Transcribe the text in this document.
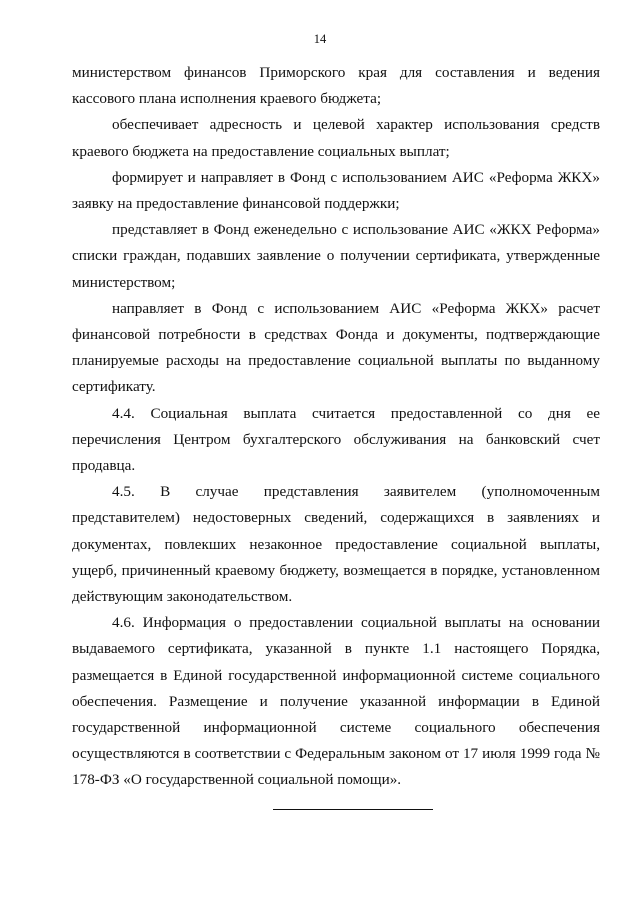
14

министерством финансов Приморского края для составления и ведения кассового плана исполнения краевого бюджета;

обеспечивает адресность и целевой характер использования средств краевого бюджета на предоставление социальных выплат;

формирует и направляет в Фонд с использованием АИС «Реформа ЖКХ» заявку на предоставление финансовой поддержки;

представляет в Фонд еженедельно с использование АИС «ЖКХ Реформа» списки граждан, подавших заявление о получении сертификата, утвержденные министерством;

направляет в Фонд с использованием АИС «Реформа ЖКХ» расчет финансовой потребности в средствах Фонда и документы, подтверждающие планируемые расходы на предоставление социальной выплаты по выданному сертификату.

4.4. Социальная выплата считается предоставленной со дня ее перечисления Центром бухгалтерского обслуживания на банковский счет продавца.

4.5. В случае представления заявителем (уполномоченным представителем) недостоверных сведений, содержащихся в заявлениях и документах, повлекших незаконное предоставление социальной выплаты, ущерб, причиненный краевому бюджету, возмещается в порядке, установленном действующим законодательством.

4.6. Информация о предоставлении социальной выплаты на основании выдаваемого сертификата, указанной в пункте 1.1 настоящего Порядка, размещается в Единой государственной информационной системе социального обеспечения. Размещение и получение указанной информации в Единой государственной информационной системе социального обеспечения осуществляются в соответствии с Федеральным законом от 17 июля 1999 года № 178-ФЗ «О государственной социальной помощи».
